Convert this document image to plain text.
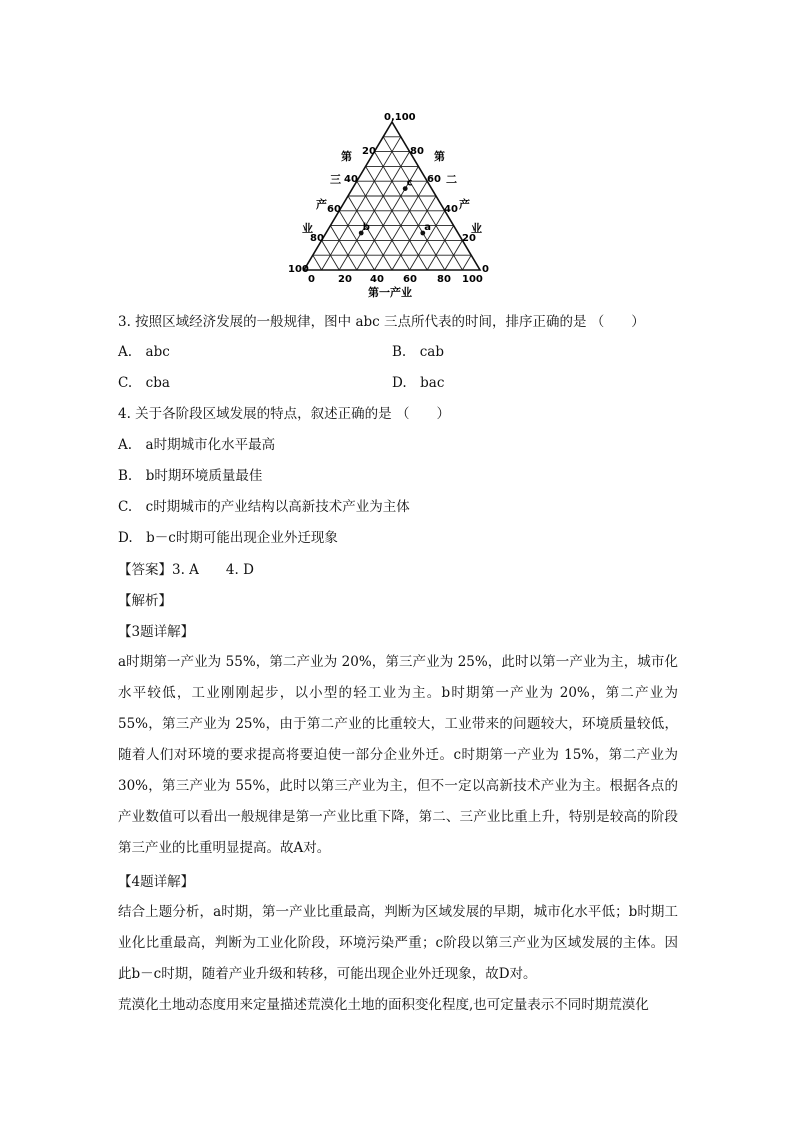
0,100
第
三
产
业
第
二
产
业
20
40
60
80
100
80
60
40
20
0
0 20 40 60 80 100
第一产业
a
b
c
3. 按照区域经济发展的一般规律，图中 abc 三点所代表的时间，排序正确的是 （　　）
A.　abc	B.　cab
C.　cba	D.　bac
4. 关于各阶段区域发展的特点，叙述正确的是 （　　）
A.　a时期城市化水平最高
B.　b时期环境质量最佳
C.　c时期城市的产业结构以高新技术产业为主体
D.　b－c时期可能出现企业外迁现象
【答案】3. A　　4. D
【解析】
【3题详解】
a时期第一产业为 55%，第二产业为 20%，第三产业为 25%，此时以第一产业为主，城市化水平较低，工业刚刚起步，以小型的轻工业为主。b时期第一产业为 20%，第二产业为 55%，第三产业为 25%，由于第二产业的比重较大，工业带来的问题较大，环境质量较低，随着人们对环境的要求提高将要迫使一部分企业外迁。c时期第一产业为 15%，第二产业为 30%，第三产业为 55%，此时以第三产业为主，但不一定以高新技术产业为主。根据各点的产业数值可以看出一般规律是第一产业比重下降，第二、三产业比重上升，特别是较高的阶段第三产业的比重明显提高。故A对。
【4题详解】
结合上题分析，a时期，第一产业比重最高，判断为区域发展的早期，城市化水平低；b时期工业化比重最高，判断为工业化阶段，环境污染严重；c阶段以第三产业为区域发展的主体。因此b－c时期，随着产业升级和转移，可能出现企业外迁现象，故D对。
荒漠化土地动态度用来定量描述荒漠化土地的面积变化程度,也可定量表示不同时期荒漠化
